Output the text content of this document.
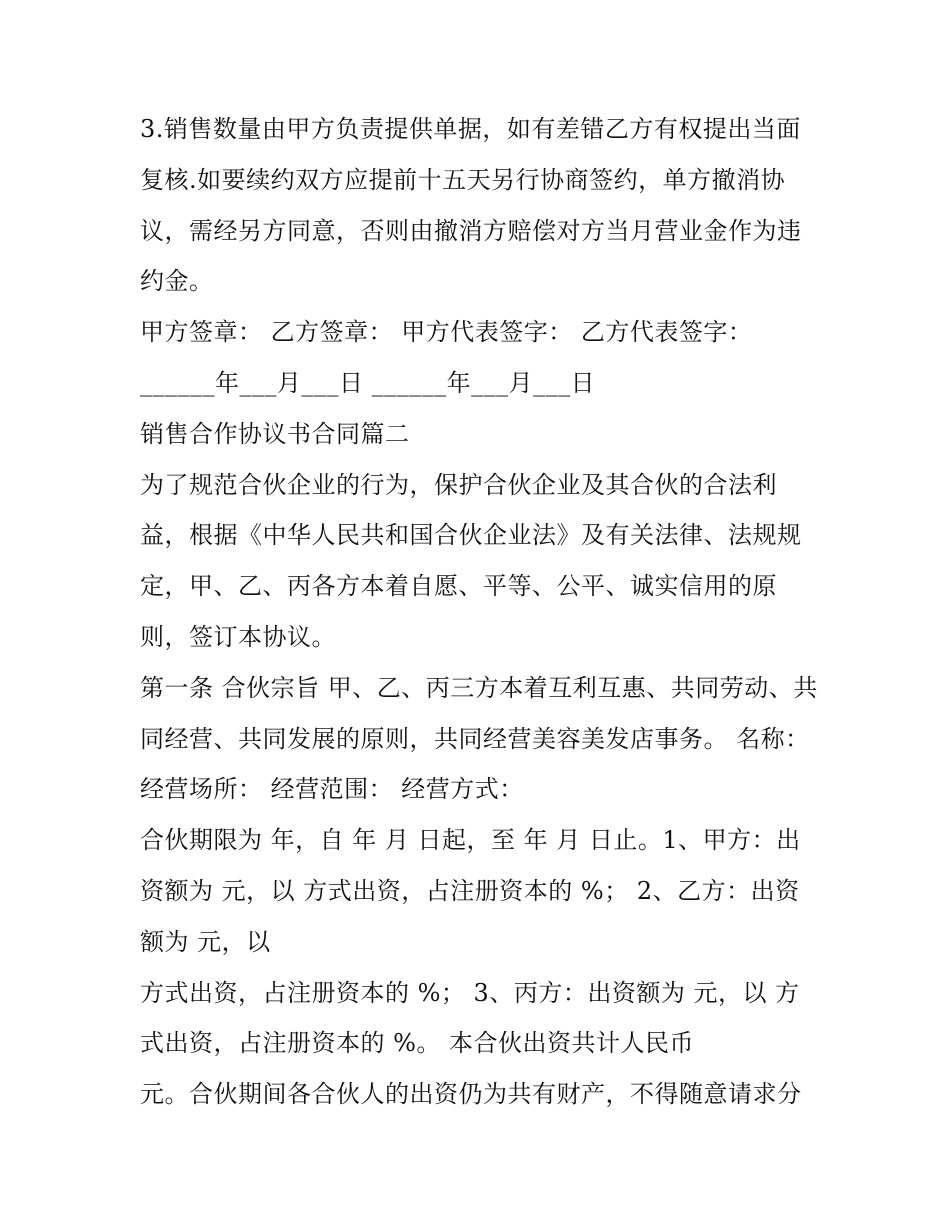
3.销售数量由甲方负责提供单据，如有差错乙方有权提出当面复核.如要续约双方应提前十五天另行协商签约，单方撤消协议，需经另方同意，否则由撤消方赔偿对方当月营业金作为违约金。

甲方签章： 乙方签章： 甲方代表签字： 乙方代表签字：

______年___月___日 ______年___月___日

销售合作协议书合同篇二

为了规范合伙企业的行为，保护合伙企业及其合伙的合法利益，根据《中华人民共和国合伙企业法》及有关法律、法规规定，甲、乙、丙各方本着自愿、平等、公平、诚实信用的原则，签订本协议。

第一条 合伙宗旨 甲、乙、丙三方本着互利互惠、共同劳动、共同经营、共同发展的原则，共同经营美容美发店事务。 名称： 经营场所： 经营范围： 经营方式：

合伙期限为 年，自 年 月 日起，至 年 月 日止。1、甲方：出资额为 元，以 方式出资，占注册资本的 %； 2、乙方：出资额为 元，以

方式出资，占注册资本的 %； 3、丙方：出资额为 元，以 方式出资，占注册资本的 %。 本合伙出资共计人民币

元。合伙期间各合伙人的出资仍为共有财产，不得随意请求分
